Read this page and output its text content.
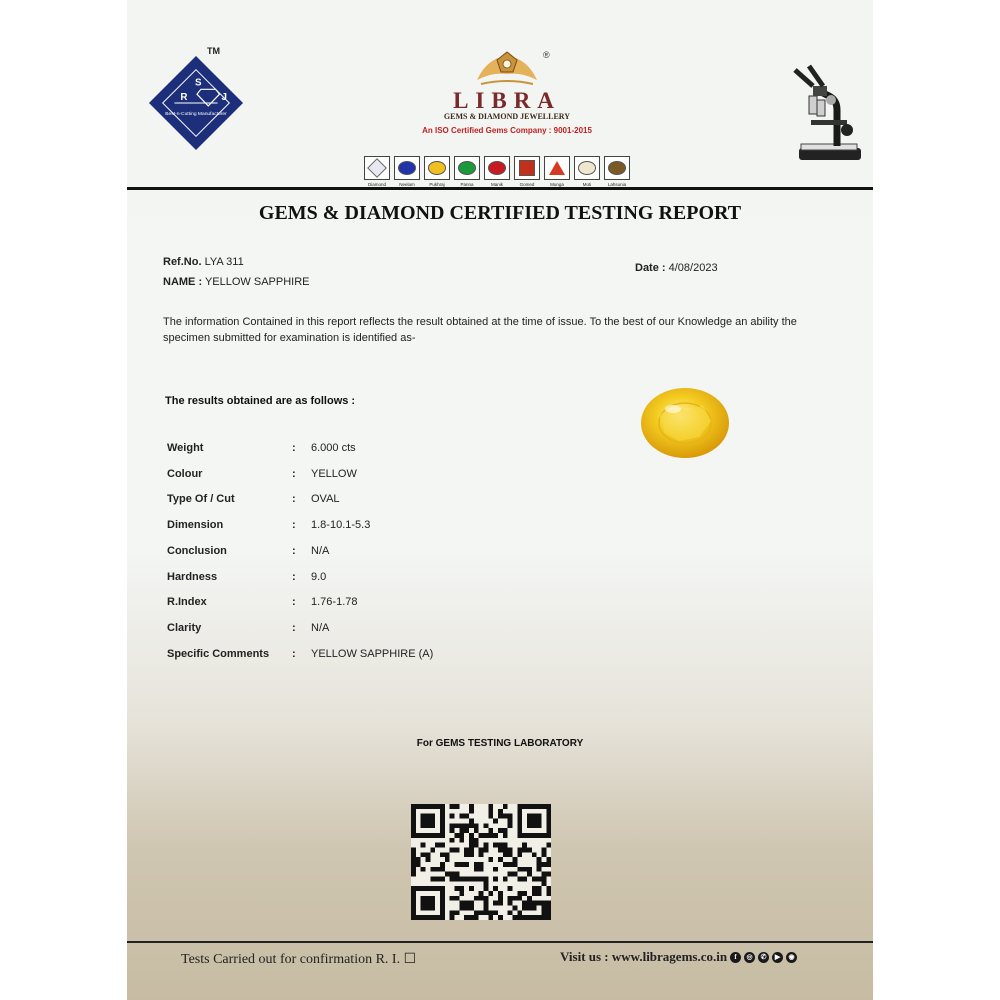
S
R	J
Best-n-Cutting Manufacturer
TM	®
LIBRA
GEMS & DIAMOND JEWELLERY
An ISO Certified Gems Company : 9001-2015
Diamond	Neelam	Pukhraj	Panna	Manik	Gomed	Munga	Moti	Lahsunia
GEMS & DIAMOND CERTIFIED TESTING REPORT
Ref.No. LYA 311
NAME : YELLOW SAPPHIRE
Date : 4/08/2023
The information Contained in this report reflects the result obtained at the time of issue. To the best of our Knowledge an ability the specimen submitted for examination is identified as-
The results obtained are as follows :
Weight	: 6.000 cts
Colour	: YELLOW
Type Of / Cut	: OVAL
Dimension	: 1.8-10.1-5.3
Conclusion	: N/A
Hardness	: 9.0
R.Index	: 1.76-1.78
Clarity	: N/A
Specific Comments : YELLOW SAPPHIRE (A)
For GEMS TESTING LABORATORY
Tests Carried out for confirmation R. I. ☐	Visit us : www.libragems.co.in	f	◎	✆	▶	◉
